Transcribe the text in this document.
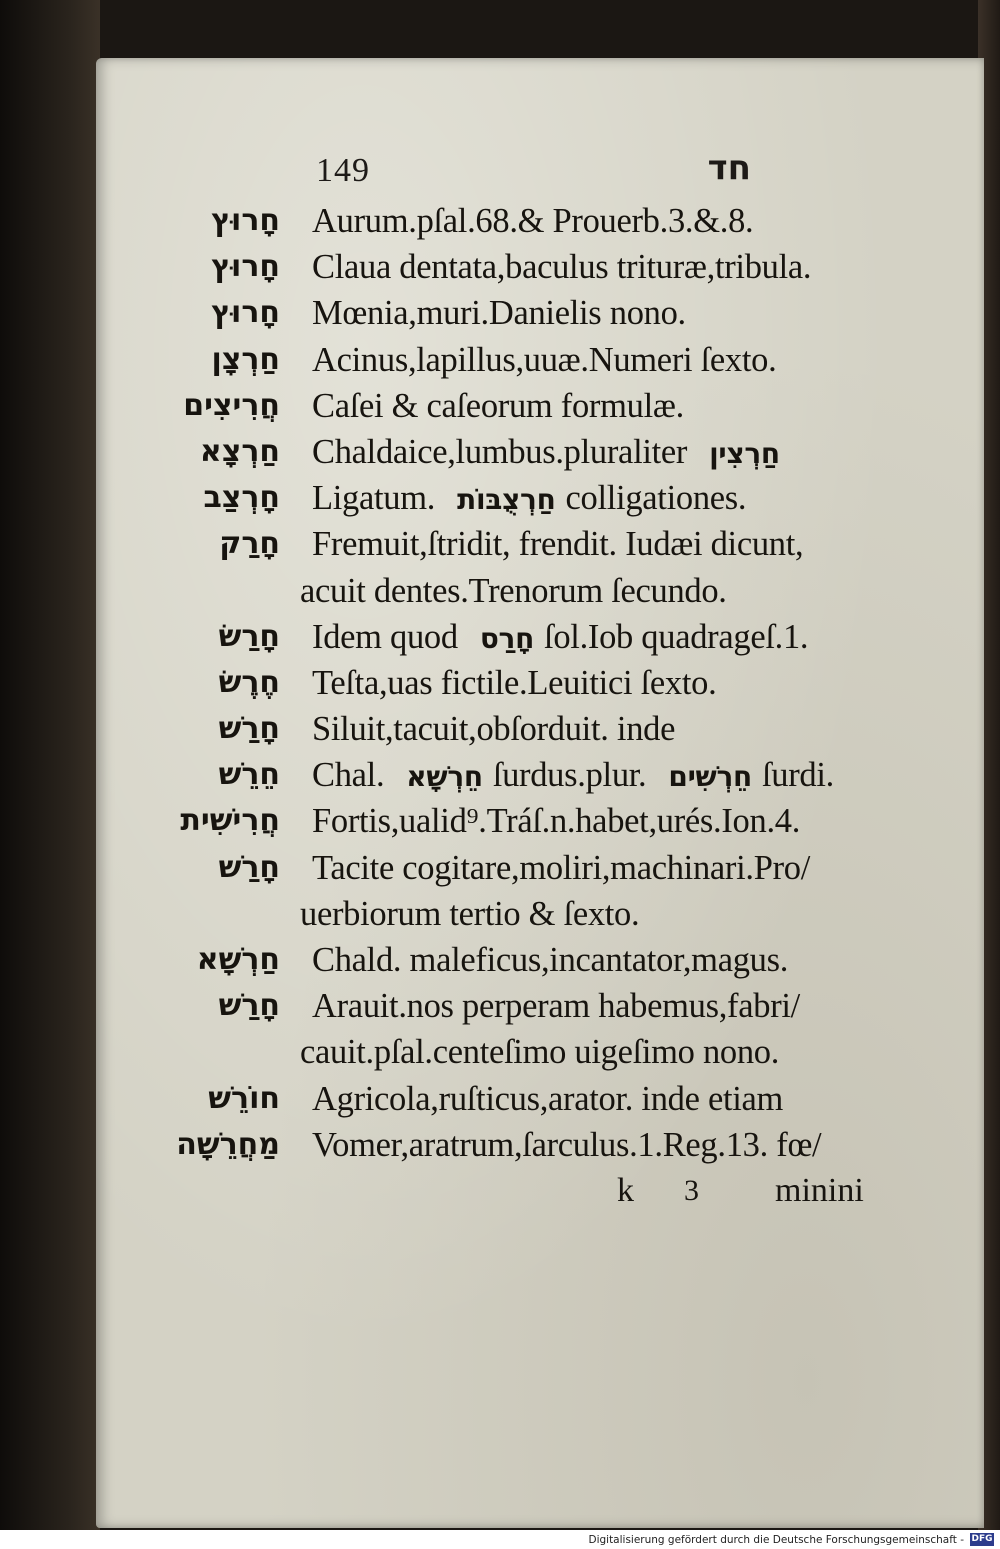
149	חד
חָרוּץ Aurum.pſal.68.& Prouerb.3.&.8.
חָרוּץ Claua dentata,baculus trituræ,tribula.
חָרוּץ Mœnia,muri.Danielis nono.
חַרְצָן Acinus,lapillus,uuæ.Numeri ſexto.
חֲרִיצִים Caſei & caſeorum formulæ.
חַרְצָא Chaldaice,lumbus.pluraliter חַרְצִין
חָרְצַב Ligatum. חַרְצֻבּוֹת colligationes.
חָרַק Fremuit,ſtridit, frendit. Iudæi dicunt,
acuit dentes.Trenorum ſecundo.
חָרַשׂ Idem quod חָרַס ſol.Iob quadrageſ.1.
חֶרֶשׂ Teſta,uas fictile.Leuitici ſexto.
חָרַשׁ Siluit,tacuit,obſorduit. inde
חֵרֵשׁ Chal. חֵרְשָׁא ſurdus.plur. חֵרְשִׁים ſurdi.
חֲרִישִׁית Fortis,ualid⁹.Tráſ.n.habet,urés.Ion.4.
חָרַשׁ Tacite cogitare,moliri,machinari.Pro/
uerbiorum tertio & ſexto.
חַרְשָׁא Chald. maleficus,incantator,magus.
חָרַשׁ Arauit.nos perperam habemus,fabri/
cauit.pſal.centeſimo uigeſimo nono.
חוֹרֵשׁ Agricola,ruſticus,arator. inde etiam
מַחֲרֵשָׁה Vomer,aratrum,ſarculus.1.Reg.13. fœ/
k 3 minini
Digitalisierung gefördert durch die Deutsche Forschungsgemeinschaft - DFG
